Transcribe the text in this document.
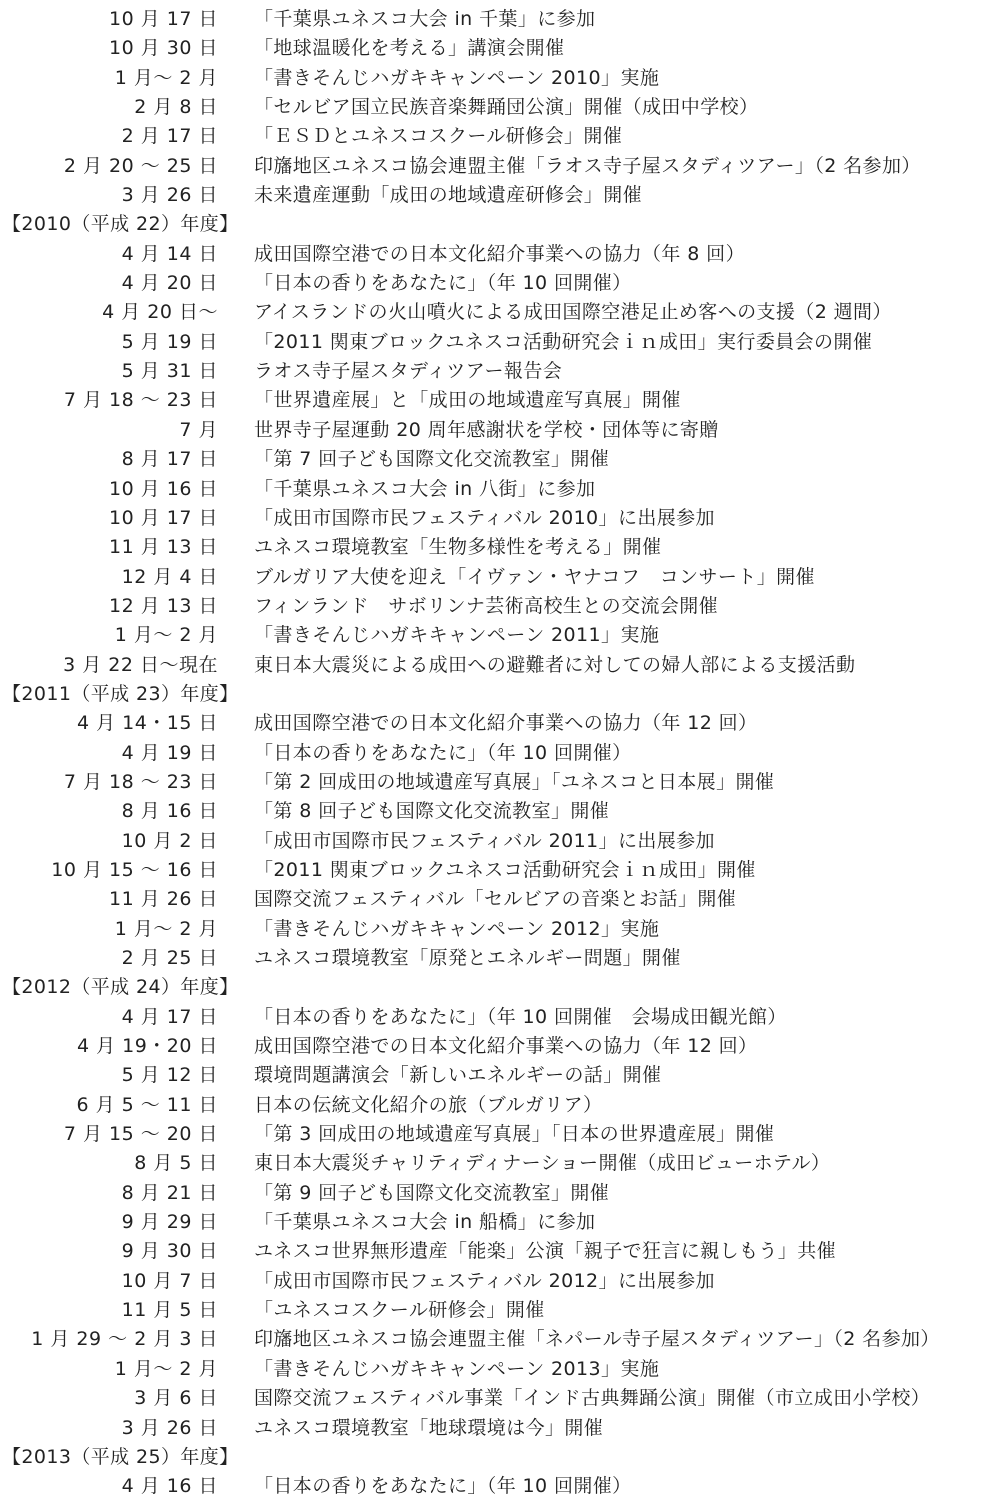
10 月 17 日 「千葉県ユネスコ大会 in 千葉」に参加
10 月 30 日 「地球温暖化を考える」講演会開催
1 月～ 2 月 「書きそんじハガキキャンペーン 2010」実施
2 月 8 日 「セルビア国立民族音楽舞踊団公演」開催（成田中学校）
2 月 17 日 「ＥＳＤとユネスコスクール研修会」開催
2 月 20 ～ 25 日 印旛地区ユネスコ協会連盟主催「ラオス寺子屋スタディツアー」（2 名参加）
3 月 26 日 未来遺産運動「成田の地域遺産研修会」開催
【2010（平成 22）年度】
4 月 14 日 成田国際空港での日本文化紹介事業への協力（年 8 回）
4 月 20 日 「日本の香りをあなたに」（年 10 回開催）
4 月 20 日～ アイスランドの火山噴火による成田国際空港足止め客への支援（2 週間）
5 月 19 日 「2011 関東ブロックユネスコ活動研究会ｉｎ成田」実行委員会の開催
5 月 31 日 ラオス寺子屋スタディツアー報告会
7 月 18 ～ 23 日 「世界遺産展」と「成田の地域遺産写真展」開催
7 月 世界寺子屋運動 20 周年感謝状を学校・団体等に寄贈
8 月 17 日 「第 7 回子ども国際文化交流教室」開催
10 月 16 日 「千葉県ユネスコ大会 in 八街」に参加
10 月 17 日 「成田市国際市民フェスティバル 2010」に出展参加
11 月 13 日 ユネスコ環境教室「生物多様性を考える」開催
12 月 4 日 ブルガリア大使を迎え「イヴァン・ヤナコフ　コンサート」開催
12 月 13 日 フィンランド　サボリンナ芸術高校生との交流会開催
1 月～ 2 月 「書きそんじハガキキャンペーン 2011」実施
3 月 22 日～現在 東日本大震災による成田への避難者に対しての婦人部による支援活動
【2011（平成 23）年度】
4 月 14・15 日 成田国際空港での日本文化紹介事業への協力（年 12 回）
4 月 19 日 「日本の香りをあなたに」（年 10 回開催）
7 月 18 ～ 23 日 「第 2 回成田の地域遺産写真展」「ユネスコと日本展」開催
8 月 16 日 「第 8 回子ども国際文化交流教室」開催
10 月 2 日 「成田市国際市民フェスティバル 2011」に出展参加
10 月 15 ～ 16 日 「2011 関東ブロックユネスコ活動研究会ｉｎ成田」開催
11 月 26 日 国際交流フェスティバル「セルビアの音楽とお話」開催
1 月～ 2 月 「書きそんじハガキキャンペーン 2012」実施
2 月 25 日 ユネスコ環境教室「原発とエネルギー問題」開催
【2012（平成 24）年度】
4 月 17 日 「日本の香りをあなたに」（年 10 回開催　会場成田観光館）
4 月 19・20 日 成田国際空港での日本文化紹介事業への協力（年 12 回）
5 月 12 日 環境問題講演会「新しいエネルギーの話」開催
6 月 5 ～ 11 日 日本の伝統文化紹介の旅（ブルガリア）
7 月 15 ～ 20 日 「第 3 回成田の地域遺産写真展」「日本の世界遺産展」開催
8 月 5 日 東日本大震災チャリティディナーショー開催（成田ビューホテル）
8 月 21 日 「第 9 回子ども国際文化交流教室」開催
9 月 29 日 「千葉県ユネスコ大会 in 船橋」に参加
9 月 30 日 ユネスコ世界無形遺産「能楽」公演「親子で狂言に親しもう」共催
10 月 7 日 「成田市国際市民フェスティバル 2012」に出展参加
11 月 5 日 「ユネスコスクール研修会」開催
1 月 29 ～ 2 月 3 日 印旛地区ユネスコ協会連盟主催「ネパール寺子屋スタディツアー」（2 名参加）
1 月～ 2 月 「書きそんじハガキキャンペーン 2013」実施
3 月 6 日 国際交流フェスティバル事業「インド古典舞踊公演」開催（市立成田小学校）
3 月 26 日 ユネスコ環境教室「地球環境は今」開催
【2013（平成 25）年度】
4 月 16 日 「日本の香りをあなたに」（年 10 回開催）
